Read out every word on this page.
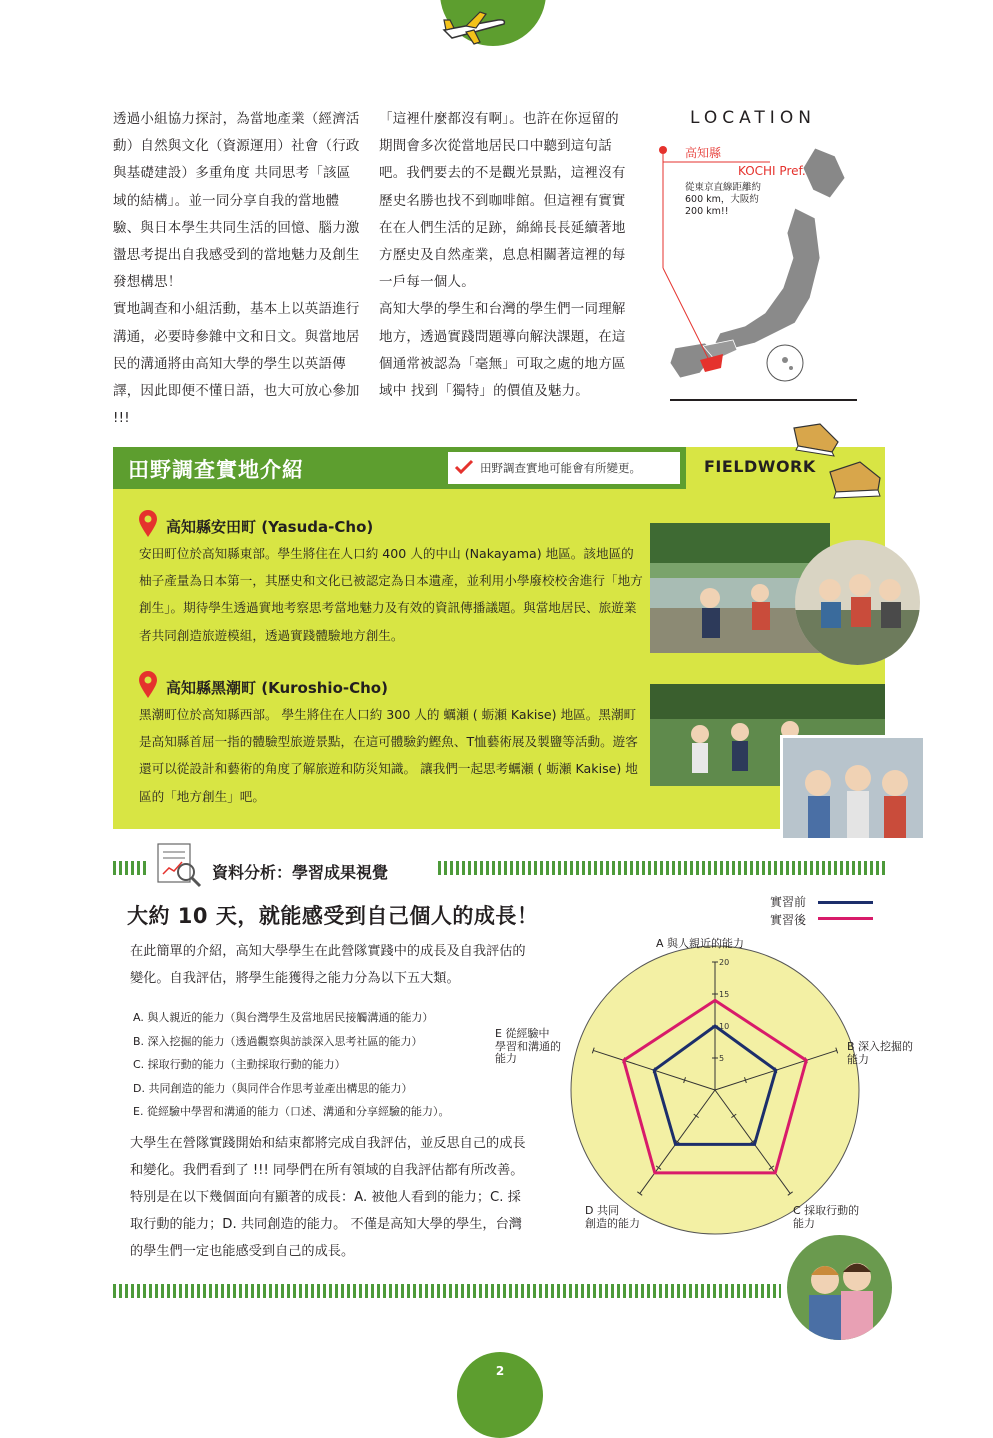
透過小組協力探討，為當地產業（經濟活動）自然與文化（資源運用）社會（行政與基礎建設）多重角度 共同思考「該區域的結構」。並一同分享自我的當地體驗、與日本學生共同生活的回憶、腦力激盪思考提出自我感受到的當地魅力及創生發想構思！

實地調查和小組活動，基本上以英語進行溝通，必要時參雜中文和日文。與當地居民的溝通將由高知大學的學生以英語傳譯，因此即便不懂日語，也大可放心參加 !!!

「這裡什麼都沒有啊」。也許在你逗留的期間會多次從當地居民口中聽到這句話吧。我們要去的不是觀光景點，這裡沒有歷史名勝也找不到咖啡館。但這裡有實實在在人們生活的足跡，綿綿長長延續著地方歷史及自然產業，息息相關著這裡的每一戶每一個人。

高知大學的學生和台灣的學生們一同理解地方，透過實踐問題導向解決課題，在這個通常被認為「毫無」可取之處的地方區域中 找到「獨特」的價值及魅力。

LOCATION
高知縣
KOCHI Pref.
從東京直線距離約 600 km，大阪約 200 km!!
田野調查實地介紹	田野調查實地可能會有所變更。	FIELDWORK
高知縣安田町 (Yasuda-Cho)
安田町位於高知縣東部。學生將住在人口約 400 人的中山 (Nakayama) 地區。該地區的柚子產量為日本第一，其歷史和文化已被認定為日本遺產，並利用小學廢校校舍進行「地方創生」。期待學生透過實地考察思考當地魅力及有效的資訊傳播議題。與當地居民、旅遊業者共同創造旅遊模組，透過實踐體驗地方創生。
高知縣黑潮町 (Kuroshio-Cho)
黑潮町位於高知縣西部。 學生將住在人口約 300 人的 蠣瀬 ( 蛎瀬 Kakise) 地區。黑潮町是高知縣首屈一指的體驗型旅遊景點，在這可體驗釣鰹魚、T恤藝術展及製鹽等活動。遊客還可以從設計和藝術的角度了解旅遊和防災知識。 讓我們一起思考蠣瀬 ( 蛎瀬 Kakise) 地區的「地方創生」吧。
資料分析：學習成果視覺
大約 10 天，就能感受到自己個人的成長！
在此簡單的介紹，高知大學學生在此營隊實踐中的成長及自我評估的變化。自我評估，將學生能獲得之能力分為以下五大類。
A. 與人親近的能力（與台灣學生及當地居民接觸溝通的能力）
B. 深入挖掘的能力（透過觀察與訪談深入思考社區的能力）
C. 採取行動的能力（主動採取行動的能力）
D. 共同創造的能力（與同伴合作思考並產出構思的能力）
E. 從經驗中學習和溝通的能力（口述、溝通和分享經驗的能力）。
大學生在營隊實踐開始和結束都將完成自我評估，並反思自己的成長和變化。我們看到了 !!! 同學們在所有領域的自我評估都有所改善。特別是在以下幾個面向有顯著的成長：A. 被他人看到的能力；C. 採取行動的能力；D. 共同創造的能力。 不僅是高知大學的學生，台灣的學生們一定也能感受到自己的成長。
實習前
實習後
5
10
15
20
A 與人親近的能力
B 深入挖掘的
能力
C 採取行動的
能力
D 共同
創造的能力
E 從經驗中
學習和溝通的
能力
2
